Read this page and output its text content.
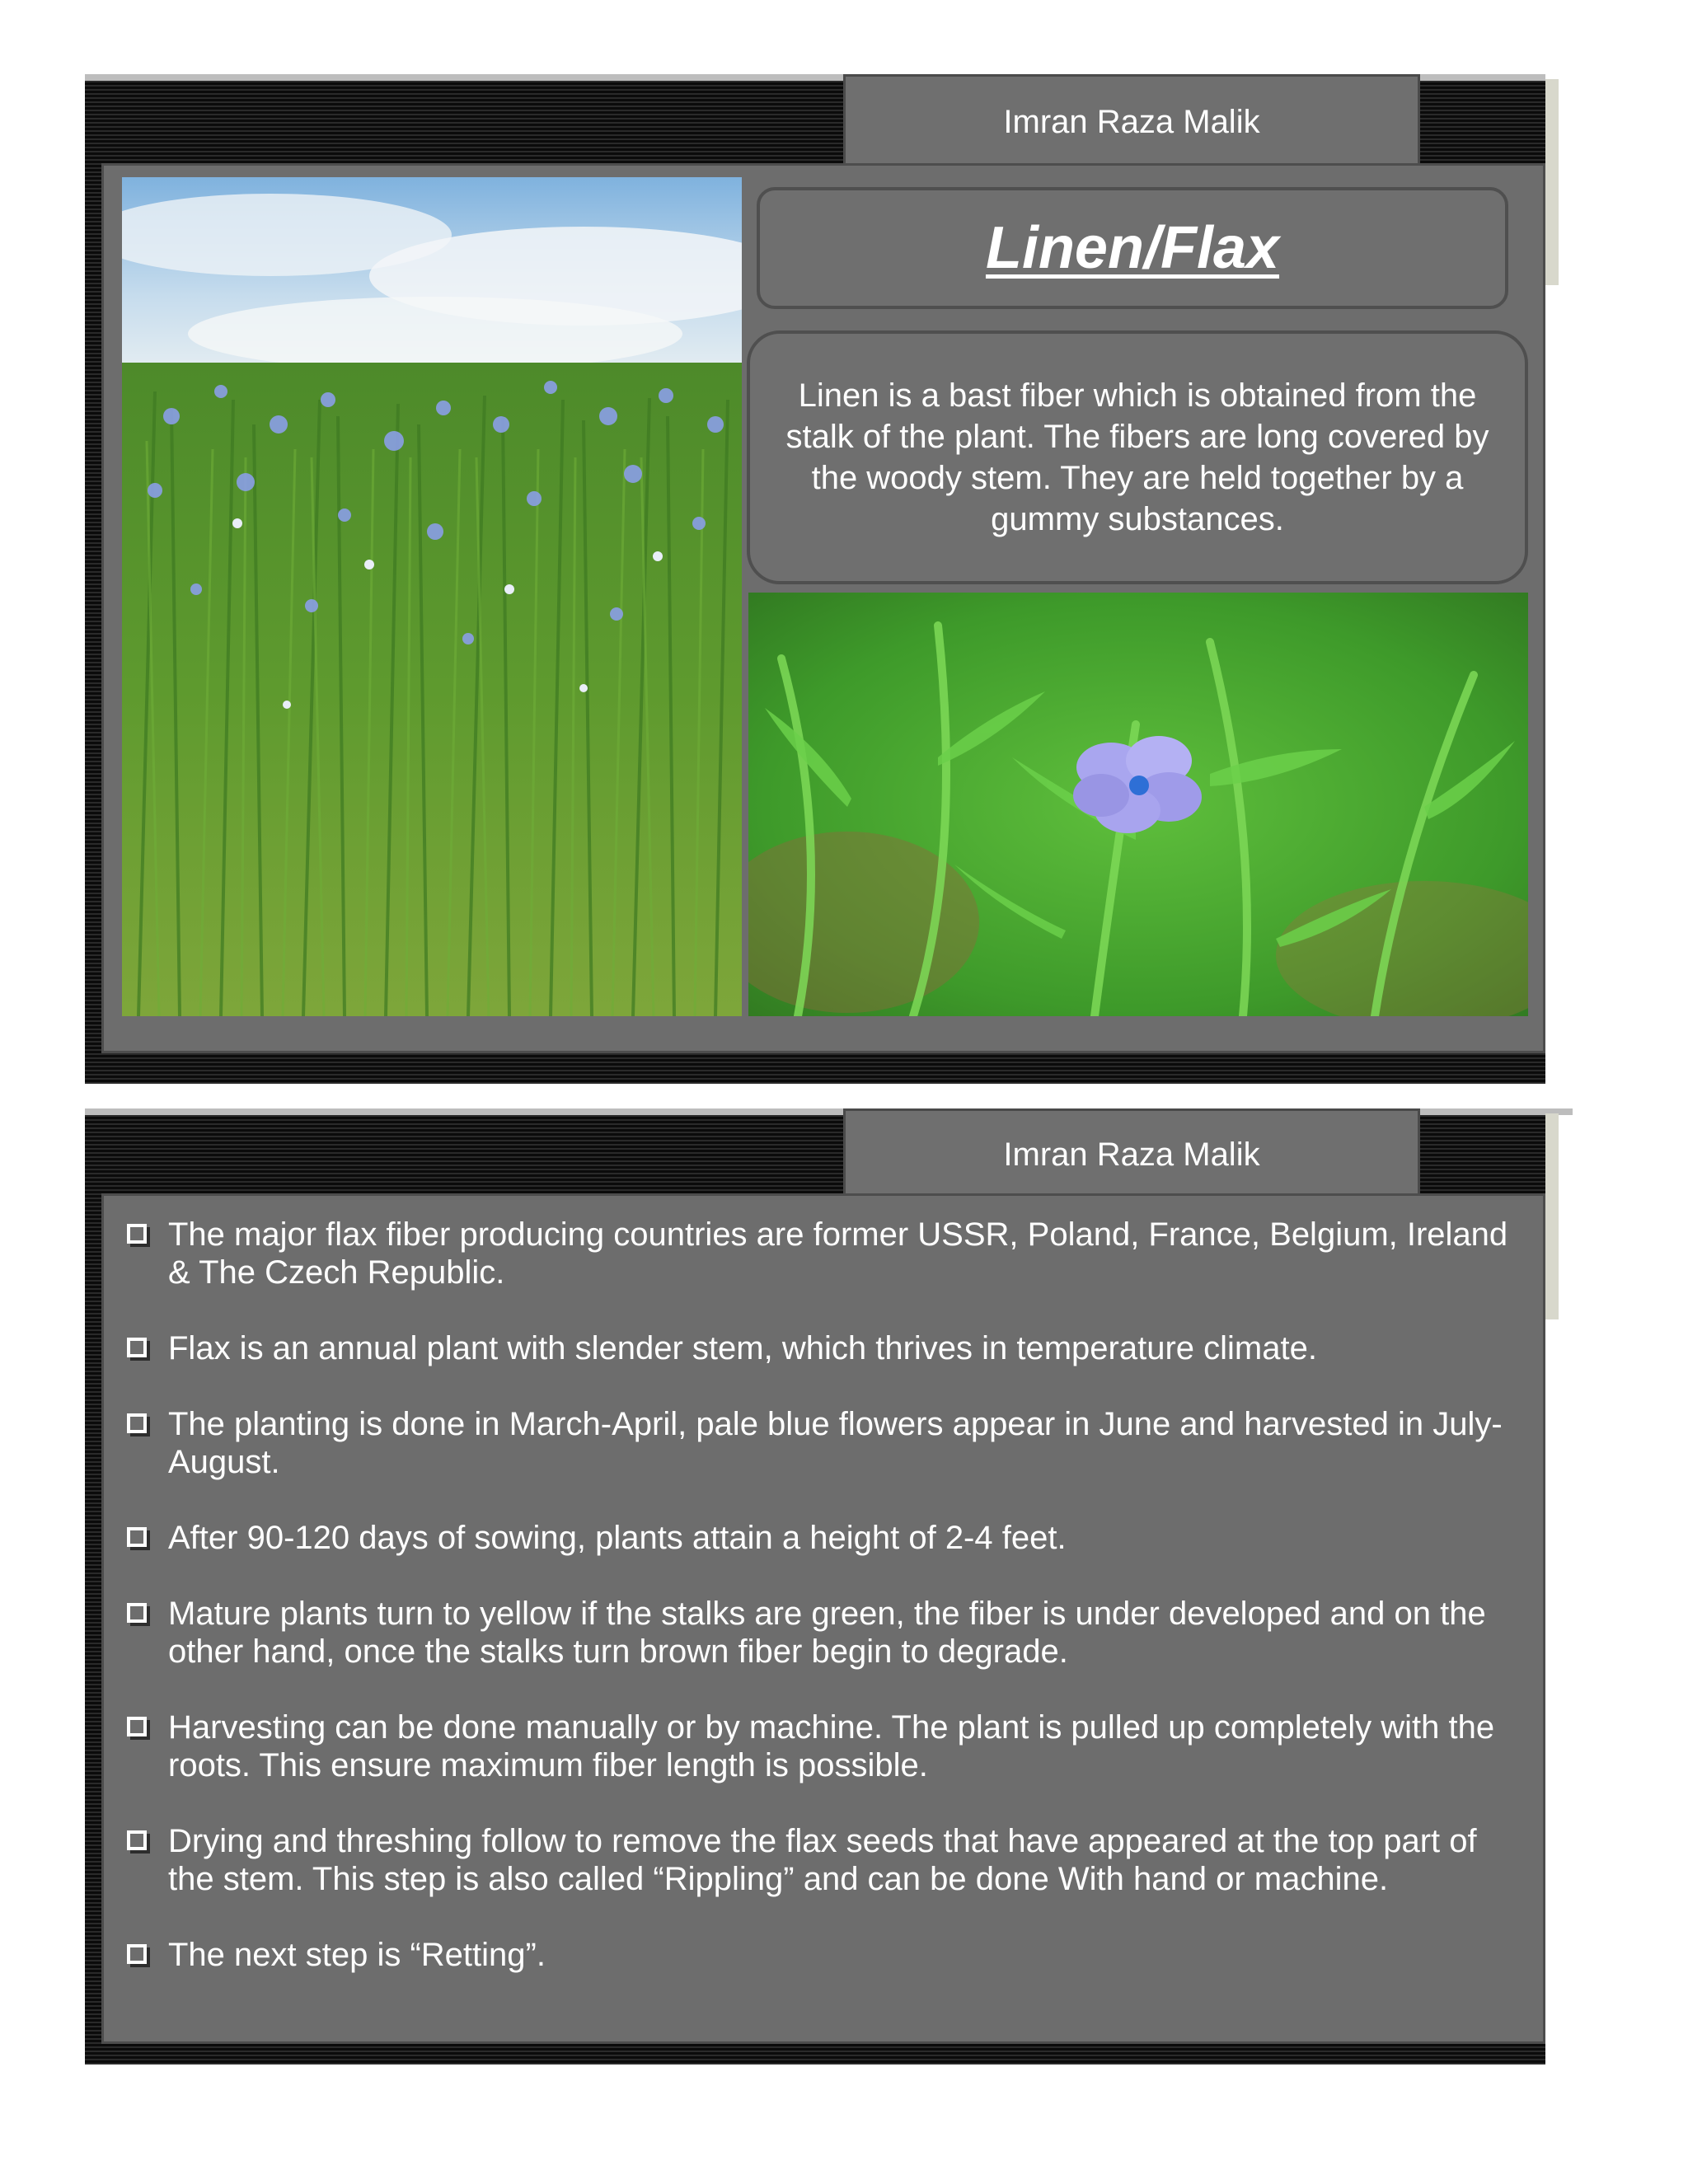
Imran Raza Malik
Linen/Flax

Linen is a bast fiber which is obtained from the stalk of the plant. The fibers are long covered by the woody stem. They are held together by a gummy substances.

Imran Raza Malik
The major flax fiber producing countries are former USSR, Poland, France, Belgium, Ireland & The Czech Republic.
Flax is an annual plant with slender stem, which thrives in temperature climate.
The planting is done in March-April, pale blue flowers appear in June and harvested in July-August.
After 90-120 days of sowing, plants attain a height of 2-4 feet.
Mature plants turn to yellow if the stalks are green, the fiber is under developed and on the other hand, once the stalks turn brown fiber begin to degrade.
Harvesting can be done manually or by machine. The plant is pulled up completely with the roots. This ensure maximum fiber length is possible.
Drying and threshing follow to remove the flax seeds that have appeared at the top part of the stem. This step is also called “Rippling” and can be done With hand or machine.
The next step is “Retting”.
